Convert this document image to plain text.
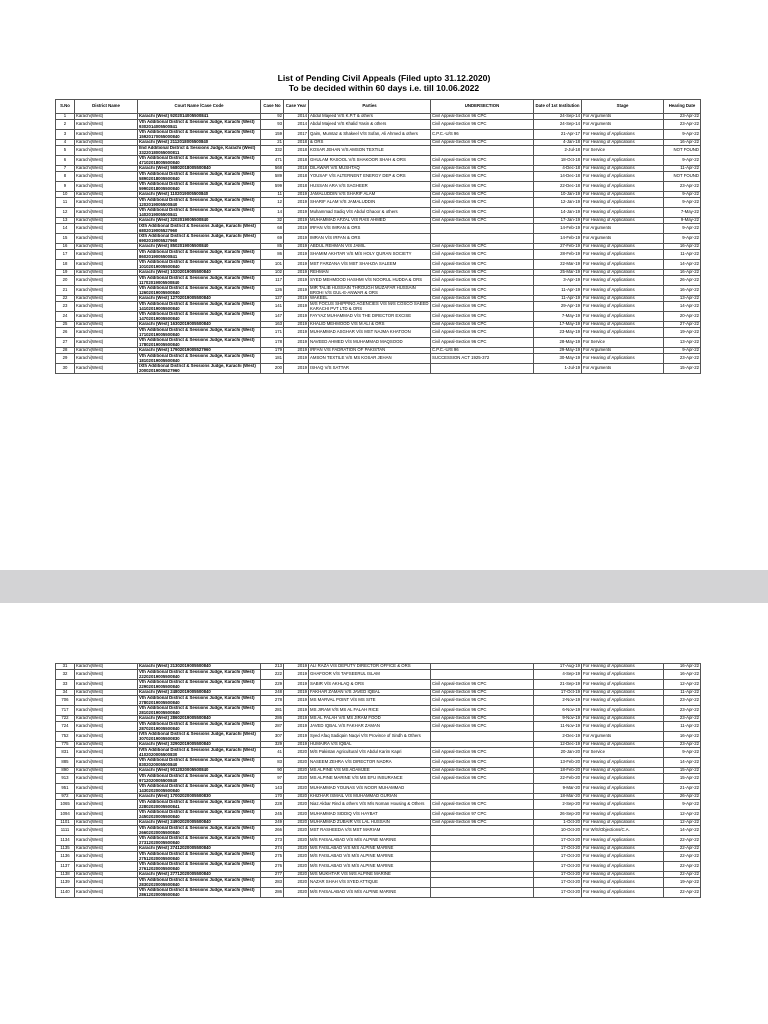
List of Pending Civil Appeals (Filed upto 31.12.2020)
To be decided within 60 days i.e. till 10.06.2022
S.No	District Name	Court Name /Case Code	Case No	Case Year	Parties	UNDERSECTION	Date of 1st Institution	Stage	Hearing Date
1	Karachi(West)	Karachi (West) 9202014005500841	92	2014	Abdul Majeed V/S K.P.T & others	Civil Appeal-Section 96 CPC	24-Sep-14	For Arguments	23-Apr-22
2	Karachi(West)	Vth Additional District & Sessions Judge, Karachi (West) 9302014005500841	93	2014	Abdul Majeed V/S Khalid Yasin & others	Civil Appeal-Section 96 CPC	24-Sep-14	For Arguments	23-Apr-22
3	Karachi(West)	Vth Additional District & Sessions Judge, Karachi (West) 15920170055000840	159	2017	Qaim, Mumtaz & Shakeel V/S Sofan, Ali Ahmed & others	C.P.C.-U/S 96	21-Apr-17	For Hearing of Applications	9-Apr-22
4	Karachi(West)	Karachi (West) 2112018005500840	21	2018	& ORS	Civil Appeal-Section 96 CPC	4-Jan-18	For Hearing of Applications	16-Apr-22
5	Karachi(West)	IInd Additional District & Sessions Judge, Karachi (West) 33220180055000811	332	2018	KOSAR JEHAN V/S AMSON TEXTILE		2-Jul-18	For Service	NOT FOUND
6	Karachi(West)	Vth Additional District & Sessions Judge, Karachi (West) 47102018005500840	471	2018	GHULAM RASOOL V/S SHAKOOR SHAH & ORS	Civil Appeal-Section 96 CPC	18-Oct-18	For Hearing of Applications	9-Apr-22
7	Karachi(West)	Karachi (West) 56802018005500840	568	2018	DILAWAR V/S MUSHTAQ	Civil Appeal-Section 96 CPC	4-Dec-18	For Hearing of Applications	11-Apr-22
8	Karachi(West)	Vth Additional District & Sessions Judge, Karachi (West) 58902018005500840	589	2018	YOUSAF V/S ALTERNENT ENERGY DEP & ORS	Civil Appeal-Section 96 CPC	14-Dec-18	For Hearing of Applications	NOT FOUND
9	Karachi(West)	Vth Additional District & Sessions Judge, Karachi (West) 59902018005500840	599	2018	HUSSAN ARA V/S SAGHEER	Civil Appeal-Section 96 CPC	22-Dec-18	For Hearing of Applications	23-Apr-22
10	Karachi(West)	Karachi (West) 1102019005500840	11	2019	JAMALUDDIN V/S SHARIF ALAM	Civil Appeal-Section 96 CPC	10-Jan-19	For Hearing of Applications	9-Apr-22
11	Karachi(West)	Vth Additional District & Sessions Judge, Karachi (West) 1202019005500840	12	2019	SHARIF ALAM V/S JAMALUDDIN	Civil Appeal-Section 96 CPC	12-Jan-19	For Hearing of Applications	9-Apr-22
12	Karachi(West)	Vth Additional District & Sessions Judge, Karachi (West) 1402019005500841	14	2019	Muhammad Sadiq V/S Abdul Ghaoor & others	Civil Appeal-Section 96 CPC	14-Jan-19	For Hearing of Applications	7-May-22
13	Karachi(West)	Karachi (West) 3202019005500840	32	2019	MUHAMMAD AFZAL V/S RAIS AHMED	Civil Appeal-Section 96 CPC	17-Jan-19	For Hearing of Applications	9-May-22
14	Karachi(West)	IXth Additional District & Sessions Judge, Karachi (West) 6802019005527960	68	2019	IRFAN V/S IMRAN & ORS		14-Feb-19	For Arguments	9-Apr-22
15	Karachi(West)	IXth Additional District & Sessions Judge, Karachi (West) 6902019005527960	69	2019	IMRAN V/S IRFAN & ORS		14-Feb-19	For Arguments	9-Apr-22
16	Karachi(West)	Karachi (West) 8502019005500840	85	2019	ABDUL REHMAN V/S JAMIL	Civil Appeal-Section 96 CPC	27-Feb-19	For Hearing of Applications	16-Apr-22
17	Karachi(West)	Vth Additional District & Sessions Judge, Karachi (West) 8602019005500841	86	2019	SHAMIM AKHTAR V/S M/S HOLY QURAN SOCIETY	Civil Appeal-Section 96 CPC	28-Feb-19	For Hearing of Applications	11-Apr-22
18	Karachi(West)	Vth Additional District & Sessions Judge, Karachi (West) 10102019005500840	101	2019	MST FARZANA V/S MST SHAHZIA SALEEM	Civil Appeal-Section 96 CPC	22-Mar-19	For Hearing of Applications	14-Apr-22
19	Karachi(West)	Karachi (West) 10202019005500840	102	2019	REHMAN	Civil Appeal-Section 96 CPC	25-Mar-19	For Hearing of Applications	16-Apr-22
20	Karachi(West)	Vth Additional District & Sessions Judge, Karachi (West) 11702019005500840	117	2019	SYED MEHMOOD HASHMI V/S NOORUL HUDDA & ORS	Civil Appeal-Section 96 CPC	3-Apr-19	For Hearing of Applications	26-Apr-22
21	Karachi(West)	Vth Additional District & Sessions Judge, Karachi (West) 12602019005500840	126	2019	MIR TALIB HUSSAIN THROUGH MUZAFAR HUSSAIN BROHI V/S GUL-E-ANWAR & ORS	Civil Appeal-Section 96 CPC	11-Apr-19	For Hearing of Applications	16-Apr-22
22	Karachi(West)	Karachi (West) 12702019005500840	127	2019	WAKEEL	Civil Appeal-Section 96 CPC	11-Apr-19	For Hearing of Applications	13-Apr-22
23	Karachi(West)	Vth Additional District & Sessions Judge, Karachi (West) 14102019005500840	141	2019	M/S FOCUS SHIPPING AGENCIES V/S M/S COSCO SAEED KARACHI PVT LTD & ORS	Civil Appeal-Section 96 CPC	29-Apr-19	For Hearing of Applications	14-Apr-22
24	Karachi(West)	Vth Additional District & Sessions Judge, Karachi (West) 14702019005500840	147	2019	FAYYAZ MUHAMMAD V/S THE DIRECTOR EXCISE	Civil Appeal-Section 96 CPC	7-May-19	For Hearing of Applications	20-Apr-22
25	Karachi(West)	Karachi (West) 16302019005500840	163	2019	KHALID MEHMOOD V/S M ALI & ORS	Civil Appeal-Section 96 CPC	17-May-19	For Hearing of Applications	27-Apr-22
26	Karachi(West)	Vth Additional District & Sessions Judge, Karachi (West) 17102019005500840	171	2019	MUHAMMAD ASGHAR V/S MST NAJMA KHATOON	Civil Appeal-Section 96 CPC	23-May-19	For Hearing of Applications	19-Apr-22
27	Karachi(West)	Vth Additional District & Sessions Judge, Karachi (West) 17802019005500840	178	2019	NAVEED AHMED V/S MUHAMMAD MAQSOOD	Civil Appeal-Section 96 CPC	28-May-19	For Service	13-Apr-22
28	Karachi(West)	Karachi (West) 17902019005527960	179	2019	IRFAN V/S FADRATION OF PAKISTAN	C.P.C.-U/S 96	29-May-19	For Arguments	9-Apr-22
29	Karachi(West)	Vth Additional District & Sessions Judge, Karachi (West) 18102019005500840	181	2019	AMSON TEXTILE V/S MS KOSAR JEHAN	SUCCESSION ACT 1925-372	30-May-19	For Hearing of Applications	23-Apr-22
30	Karachi(West)	IXth Additional District & Sessions Judge, Karachi (West) 20002019005527960	200	2019	ISHAQ V/S SATTAR		1-Jul-19	For Arguments	15-Apr-22
31	Karachi(West)	Karachi (West) 21302019005500840	213	2019	ALI RAZA V/S DEPUTY DIRECTOR OFFICE & ORS		17-Aug-19	For Hearing of Applications	16-Apr-22
32	Karachi(West)	Vth Additional District & Sessions Judge, Karachi (West) 22202019005500840	222	2019	GHAFOOR V/S TAFSEERUL ISLAM		4-Sep-19	For Hearing of Applications	16-Apr-22
33	Karachi(West)	Vth Additional District & Sessions Judge, Karachi (West) 22902019005500840	229	2019	SABIR V/S AKHLAQ & ORS	Civil Appeal-Section 96 CPC	21-Sep-19	For Hearing of Applications	12-Apr-22
34	Karachi(West)	Karachi (West) 24802019005500840	248	2019	FAKHAR ZAMAN V/S JAVED IQBAL	Civil Appeal-Section 96 CPC	17-Oct-19	For Hearing of Applications	11-Apr-22
706	Karachi(West)	Vth Additional District & Sessions Judge, Karachi (West) 27802019005500840	278	2019	MS MARVAL POINT V/S MS SITE	Civil Appeal-Section 96 CPC	2-Nov-19	For Hearing of Applications	23-Apr-22
717	Karachi(West)	Vth Additional District & Sessions Judge, Karachi (West) 28102019005500840	281	2019	MS JIRAM V/S MS AL FALAH RICE	Civil Appeal-Section 96 CPC	6-Nov-19	For Hearing of Applications	23-Apr-22
722	Karachi(West)	Karachi (West) 28602019005500840	286	2019	MS AL FALAH V/S MS JIRAM FOOD	Civil Appeal-Section 96 CPC	9-Nov-19	For Hearing of Applications	23-Apr-22
724	Karachi(West)	Vth Additional District & Sessions Judge, Karachi (West) 28702019005500840	287	2019	JAVED IQBAL V/S FAKHAR ZAMAN	Civil Appeal-Section 96 CPC	11-Nov-19	For Hearing of Applications	11-Apr-22
752	Karachi(West)	IVth Additional District & Sessions Judge, Karachi (West) 30702019005500830	307	2019	Syed Afaq Sadiqain Naqvi V/S Province of Sindh & Others		2-Dec-19	For Arguments	16-Apr-22
775	Karachi(West)	Karachi (West) 32902019005500840	329	2019	HUMAIRA V/S IQBAL		12-Dec-19	For Hearing of Applications	23-Apr-22
831	Karachi(West)	IVth Additional District & Sessions Judge, Karachi (West) 4102020005500830	41	2020	M/S Pakistan Agricultural V/S Abdul Karim Kapri	Civil Appeal-Section 96 CPC	20-Jan-20	For Service	9-Apr-22
885	Karachi(West)	Vth Additional District & Sessions Judge, Karachi (West) 8302020005500840	83	2020	NASEEM ZEHRA V/S DIRECTOR NADRA	Civil Appeal-Section 96 CPC	13-Feb-20	For Hearing of Applications	14-Apr-22
890	Karachi(West)	Karachi (West) 9012020005500840	90	2020	MS ALPINE V/S MS ADAMJEE	Civil Appeal-Section 96 CPC	18-Feb-20	For Hearing of Applications	15-Apr-22
913	Karachi(West)	Vth Additional District & Sessions Judge, Karachi (West) 9712020005500840	97	2020	MS ALPINE MARINE V/S MS EFU INSURANCE	Civil Appeal-Section 96 CPC	22-Feb-20	For Hearing of Applications	15-Apr-22
951	Karachi(West)	Vth Additional District & Sessions Judge, Karachi (West) 14302020005500840	143	2020	MUHAMMAD YOUNAS V/S NOOR MUHAMMAD		9-Mar-20	For Hearing of Applications	21-Apr-22
972	Karachi(West)	Karachi (West) 17002020005500830	170	2020	KHIZHAR ISMAIL V/S MUHAMMAD GURIAN		18-Mar-20	For Hearing of Applications	26-Apr-22
1065	Karachi(West)	Vth Additional District & Sessions Judge, Karachi (West) 22802020005500841	228	2020	Niaz Akbar Rind & others V/S M/s Noman Housing & Others	Civil Appeal-Section 96 CPC	2-Sep-20	For Hearing of Applications	9-Apr-22
1094	Karachi(West)	Vth Additional District & Sessions Judge, Karachi (West) 24502020005500840	245	2020	MUHAMMAD SIDDIQ V/S HAYBAT	Civil Appeal-Section 97 CPC	26-Sep-20	For Hearing of Applications	12-Apr-22
1101	Karachi(West)	Karachi (West) 24902020005500840	249	2020	MUHAMMAD ZUBAIR V/S LAL HUSSAIN	Civil Appeal-Section 96 CPC	1-Oct-20	For Hearing of Applications	12-Apr-22
1111	Karachi(West)	Vth Additional District & Sessions Judge, Karachi (West) 26602020005500840	266	2020	MST RASHEEDA V/S MST MARIAM		10-Oct-20	For W/S/Objections/C.A.	14-Apr-22
1134	Karachi(West)	Vth Additional District & Sessions Judge, Karachi (West) 27312020005500840	273	2020	M/S FAISALABAD V/S M/S ALPINE MARINE		17-Oct-20	For Hearing of Applications	22-Apr-22
1135	Karachi(West)	Karachi (West) 27412020005500840	274	2020	M/S FAISLABAD V/S M/S ALPINE MARINE		17-Oct-20	For Hearing of Applications	22-Apr-22
1136	Karachi(West)	Vth Additional District & Sessions Judge, Karachi (West) 27512020005500840	275	2020	M/S FAISLABAD V/S M/S ALPINE MARINE		17-Oct-20	For Hearing of Applications	22-Apr-22
1137	Karachi(West)	Vth Additional District & Sessions Judge, Karachi (West) 27612020005500840	276	2020	M/S FAISLABAD V/S M/S ALPINE MARINE		17-Oct-20	For Hearing of Applications	22-Apr-22
1138	Karachi(West)	Karachi (West) 27712020005500840	277	2020	M/S MUKHTAR V/S M/S ALPINE MARINE		17-Oct-20	For Hearing of Applications	22-Apr-22
1139	Karachi(West)	Vth Additional District & Sessions Judge, Karachi (West) 28302020005500840	283	2020	NAZAR SHAH V/S SYED ATTIQUE		17-Oct-20	For Hearing of Applications	19-Apr-22
1140	Karachi(West)	Vth Additional District & Sessions Judge, Karachi (West) 28612020005500840	286	2020	M/S FAISALABAD V/S M/S ALPINE MARINE		17-Oct-20	For Hearing of Applications	22-Apr-22
